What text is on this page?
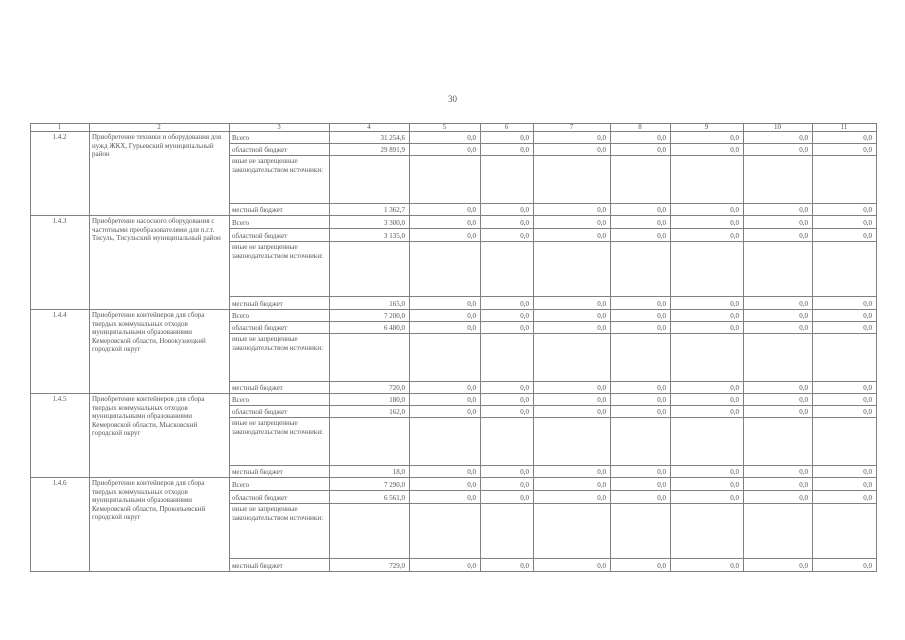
30
1	2	3	4	5	6	7	8	9	10	11
1.4.2	Приобретение техники и оборудования для нужд ЖКХ, Гурьевский муниципальный район
Всего	31 254,6	0,0	0,0	0,0	0,0	0,0	0,0	0,0
областной бюджет	29 891,9	0,0	0,0	0,0	0,0	0,0	0,0	0,0
иные не запрещенные законодательством источники:
местный бюджет	1 362,7	0,0	0,0	0,0	0,0	0,0	0,0	0,0
1.4.3	Приобретение насосного оборудования с частотными преобразователями для п.г.т. Тисуль, Тисульский муниципальный район
Всего	3 300,0	0,0	0,0	0,0	0,0	0,0	0,0	0,0
областной бюджет	3 135,0	0,0	0,0	0,0	0,0	0,0	0,0	0,0
иные не запрещенные законодательством источники:
местный бюджет	165,0	0,0	0,0	0,0	0,0	0,0	0,0	0,0
1.4.4	Приобретение контейнеров для сбора твердых коммунальных отходов муниципальными образованиями Кемеровской области, Новокузнецкий городской округ
Всего	7 200,0	0,0	0,0	0,0	0,0	0,0	0,0	0,0
областной бюджет	6 480,0	0,0	0,0	0,0	0,0	0,0	0,0	0,0
иные не запрещенные законодательством источники:
местный бюджет	720,0	0,0	0,0	0,0	0,0	0,0	0,0	0,0
1.4.5	Приобретение контейнеров для сбора твердых коммунальных отходов муниципальными образованиями Кемеровской области, Мысковский городской округ
Всего	180,0	0,0	0,0	0,0	0,0	0,0	0,0	0,0
областной бюджет	162,0	0,0	0,0	0,0	0,0	0,0	0,0	0,0
иные не запрещенные законодательством источники:
местный бюджет	18,0	0,0	0,0	0,0	0,0	0,0	0,0	0,0
1.4.6	Приобретение контейнеров для сбора твердых коммунальных отходов муниципальными образованиями Кемеровской области, Прокопьевский городской округ
Всего	7 290,0	0,0	0,0	0,0	0,0	0,0	0,0	0,0
областной бюджет	6 561,0	0,0	0,0	0,0	0,0	0,0	0,0	0,0
иные не запрещенные законодательством источники:
местный бюджет	729,0	0,0	0,0	0,0	0,0	0,0	0,0	0,0
